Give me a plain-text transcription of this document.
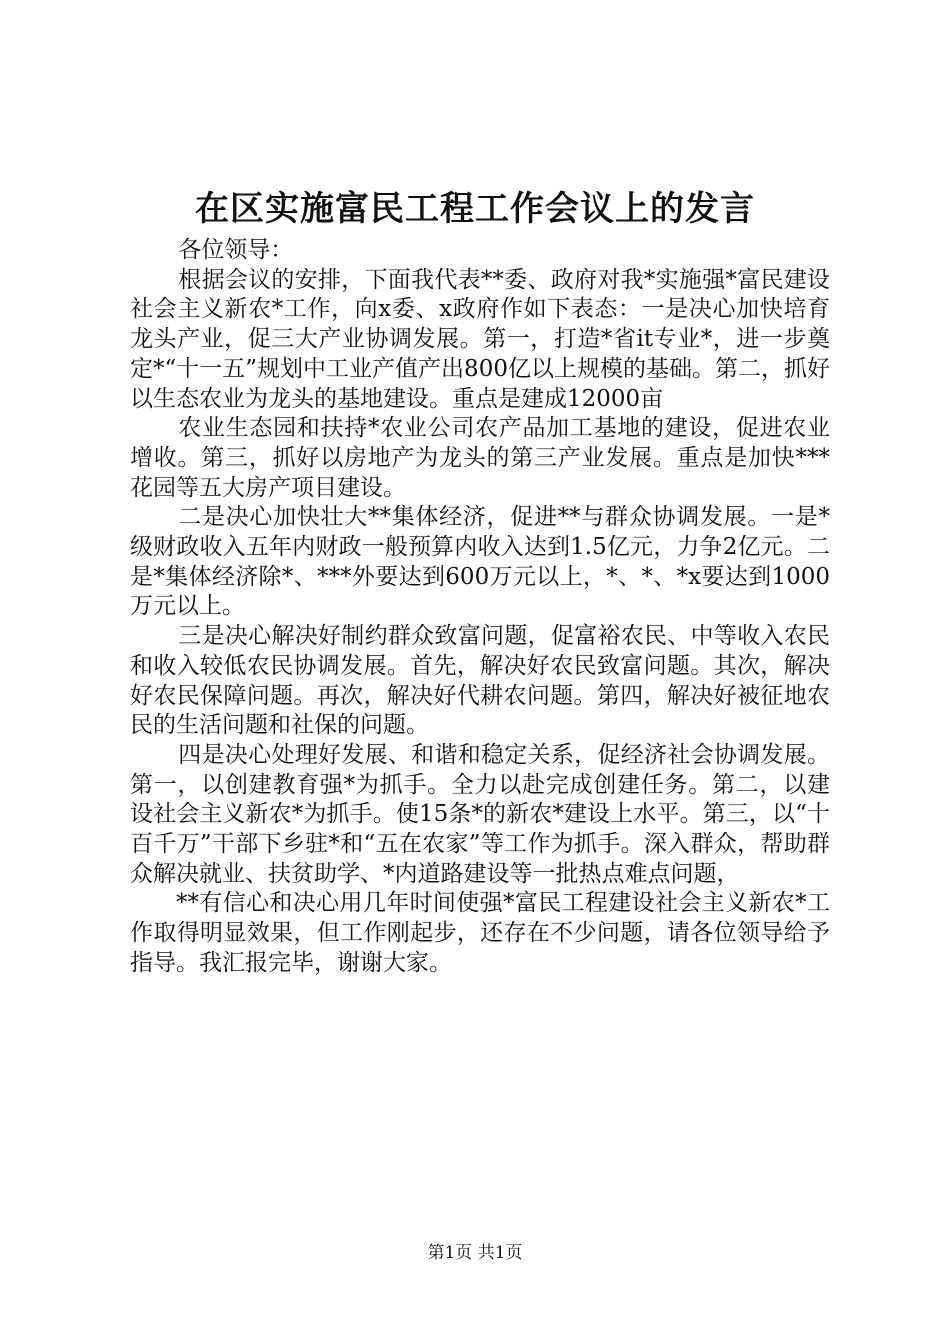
在区实施富民工程工作会议上的发言

各位领导：

根据会议的安排，下面我代表**委、政府对我*实施强*富民建设社会主义新农*工作，向x委、x政府作如下表态：一是决心加快培育龙头产业，促三大产业协调发展。第一，打造*省it专业*，进一步奠定*“十一五”规划中工业产值产出800亿以上规模的基础。第二，抓好以生态农业为龙头的基地建设。重点是建成12000亩

农业生态园和扶持*农业公司农产品加工基地的建设，促进农业增收。第三，抓好以房地产为龙头的第三产业发展。重点是加快***花园等五大房产项目建设。

二是决心加快壮大**集体经济，促进**与群众协调发展。一是*级财政收入五年内财政一般预算内收入达到1.5亿元，力争2亿元。二是*集体经济除*、***外要达到600万元以上，*、*、*x要达到1000万元以上。

三是决心解决好制约群众致富问题，促富裕农民、中等收入农民和收入较低农民协调发展。首先，解决好农民致富问题。其次，解决好农民保障问题。再次，解决好代耕农问题。第四，解决好被征地农民的生活问题和社保的问题。

四是决心处理好发展、和谐和稳定关系，促经济社会协调发展。第一，以创建教育强*为抓手。全力以赴完成创建任务。第二，以建设社会主义新农*为抓手。使15条*的新农*建设上水平。第三，以“十百千万”干部下乡驻*和“五在农家”等工作为抓手。深入群众，帮助群众解决就业、扶贫助学、*内道路建设等一批热点难点问题，

**有信心和决心用几年时间使强*富民工程建设社会主义新农*工作取得明显效果，但工作刚起步，还存在不少问题，请各位领导给予指导。我汇报完毕，谢谢大家。

第1页 共1页
